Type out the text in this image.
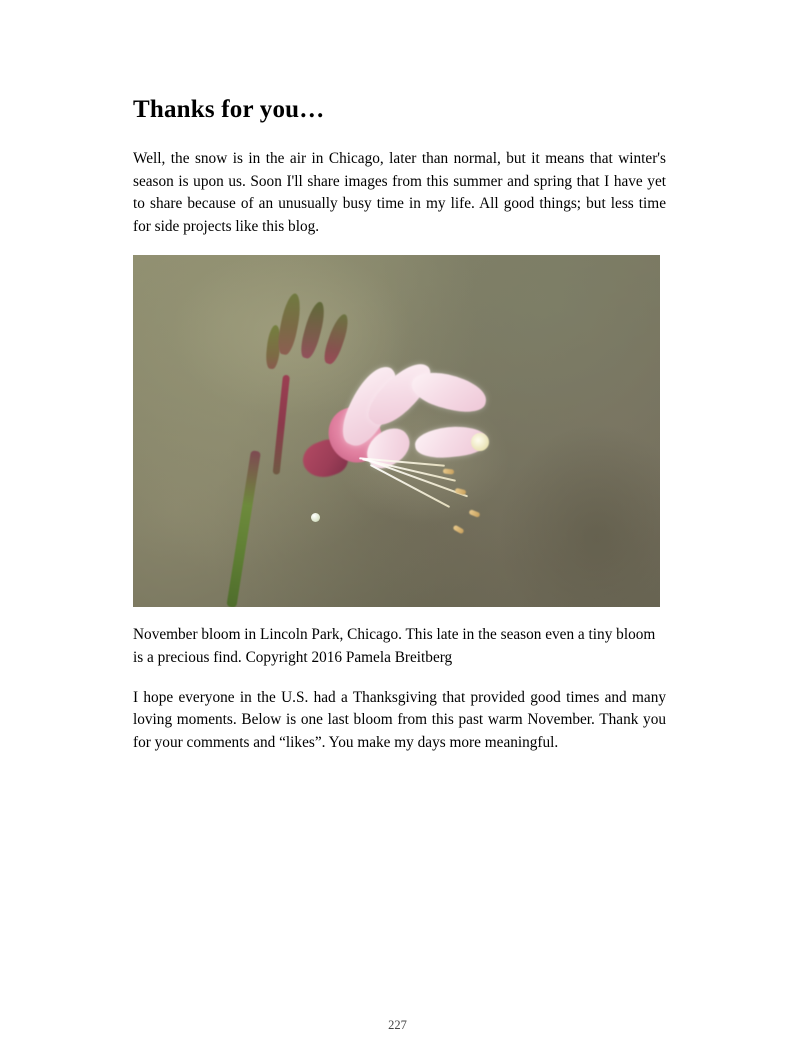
Thanks for you…

Well, the snow is in the air in Chicago, later than normal, but it means that winter's season is upon us. Soon I'll share images from this summer and spring that I have yet to share because of an unusually busy time in my life. All good things; but less time for side projects like this blog.

November bloom in Lincoln Park, Chicago. This late in the season even a tiny bloom is a precious find. Copyright 2016 Pamela Breitberg

I hope everyone in the U.S. had a Thanksgiving that provided good times and many loving moments. Below is one last bloom from this past warm November. Thank you for your comments and “likes”. You make my days more meaningful.

227
